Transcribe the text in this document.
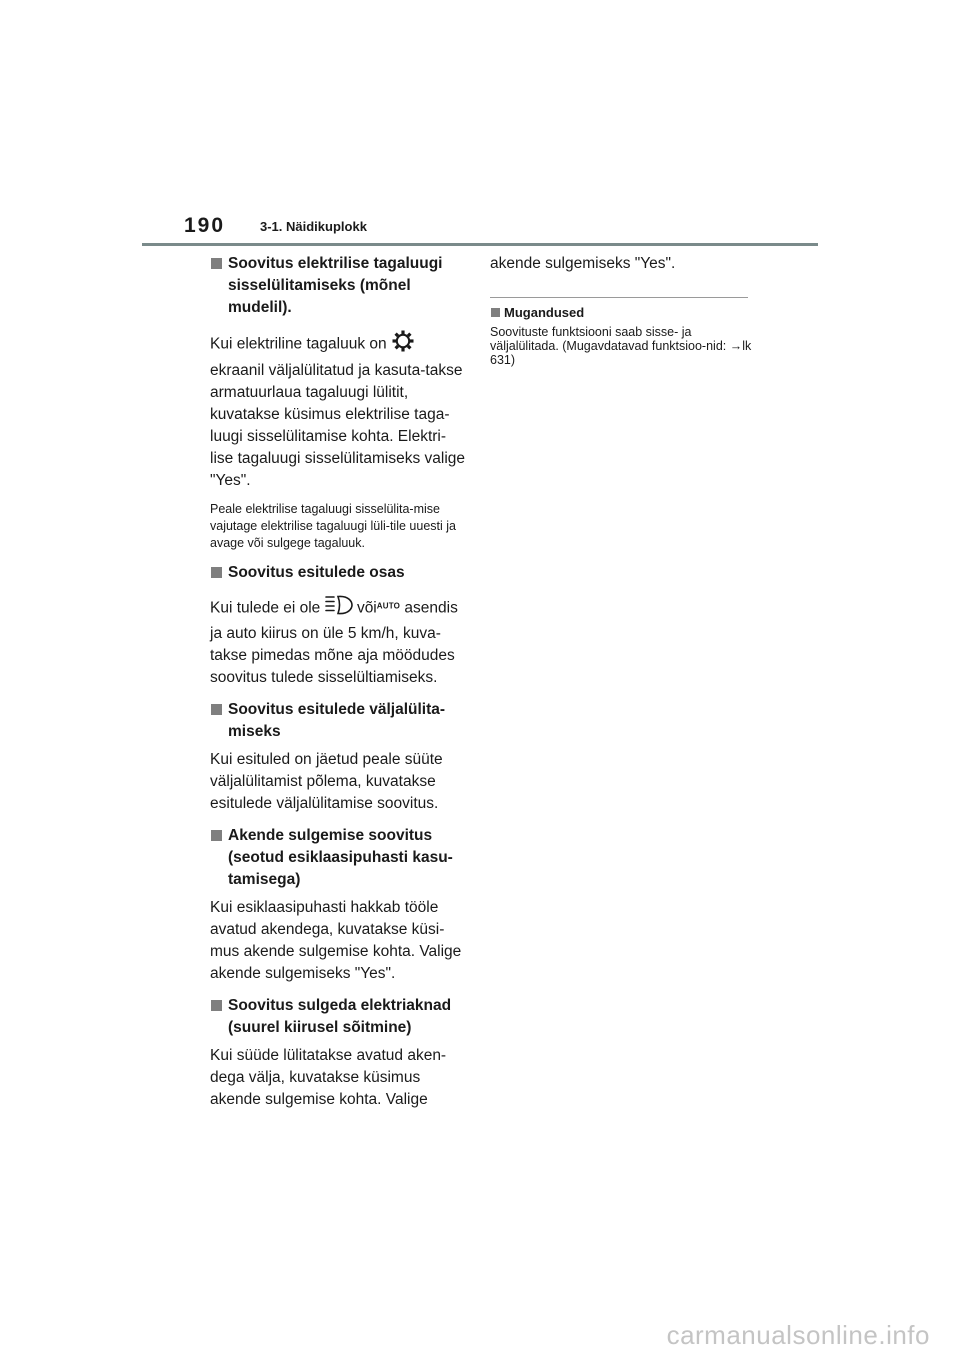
190	3-1. Näidikuplokk
Soovitus elektrilise tagaluugi sisselülitamiseks (mõnel mudelil).

Kui elektriline tagaluuk on  ekraanil väljalülitatud ja kasuta-takse armatuurlaua tagaluugi lülitit, kuvatakse küsimus elektrilise taga-luugi sisselülitamise kohta. Elektri-lise tagaluugi sisselülitamiseks valige "Yes".

Peale elektrilise tagaluugi sisselülita-mise vajutage elektrilise tagaluugi lüli-tile uuesti ja avage või sulgege tagaluuk.

Soovitus esitulede osas

Kui tulede ei ole või$^{AUTO}$ asendis ja auto kiirus on üle 5 km/h, kuva-takse pimedas mõne aja möödudes soovitus tulede sisselültiamiseks.

Soovitus esitulede väljalülita-miseks

Kui esituled on jäetud peale süüte väljalülitamist põlema, kuvatakse esitulede väljalülitamise soovitus.

Akende sulgemise soovitus (seotud esiklaasipuhasti kasu-tamisega)

Kui esiklaasipuhasti hakkab tööle avatud akendega, kuvatakse küsi-mus akende sulgemise kohta. Valige akende sulgemiseks "Yes".

Soovitus sulgeda elektriaknad (suurel kiirusel sõitmine)

Kui süüde lülitatakse avatud aken-dega välja, kuvatakse küsimus akende sulgemise kohta. Valige

akende sulgemiseks "Yes".

Mugandused

Soovituste funktsiooni saab sisse- ja väljalülitada. (Mugavdatavad funktsioo-nid: →lk 631)

carmanualsonline.info
